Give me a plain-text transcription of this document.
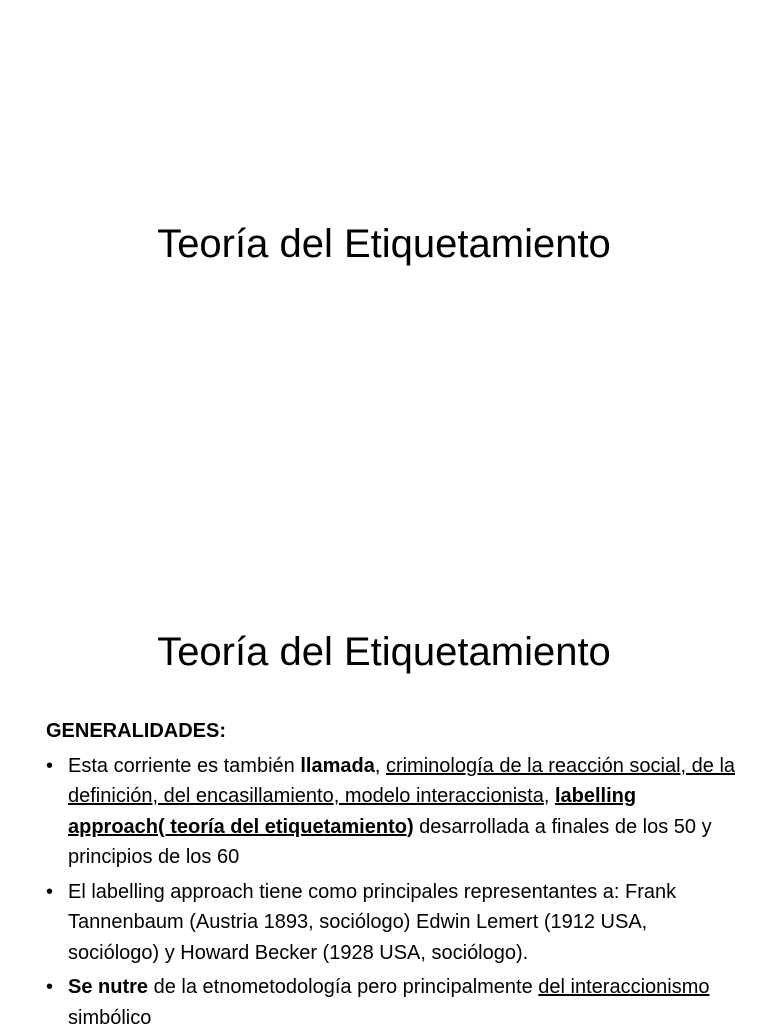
Teoría del Etiquetamiento
Teoría del Etiquetamiento

GENERALIDADES:

• Esta corriente es también llamada, criminología de la reacción social, de la definición, del encasillamiento, modelo interaccionista, labelling approach( teoría del etiquetamiento) desarrollada a finales de los 50 y principios de los 60
• El labelling approach tiene como principales representantes a: Frank Tannenbaum (Austria 1893, sociólogo) Edwin Lemert (1912 USA, sociólogo) y Howard Becker (1928 USA, sociólogo).
• Se nutre de la etnometodología pero principalmente del interaccionismo simbólico
